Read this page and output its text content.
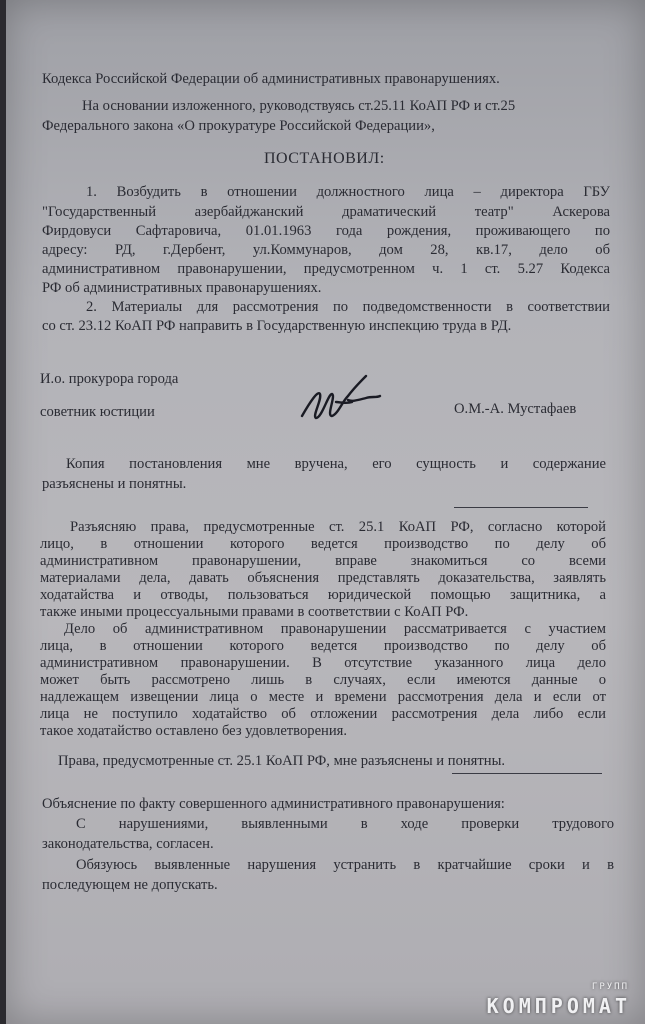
Кодекса Российской Федерации об административных правонарушениях.
На основании изложенного, руководствуясь ст.25.11 КоАП РФ и ст.25
Федерального закона «О прокуратуре Российской Федерации»,
ПОСТАНОВИЛ:
1. Возбудить в отношении должностного лица – директора ГБУ
"Государственный азербайджанский драматический театр" Аскерова
Фирдовуси Сафтаровича, 01.01.1963 года рождения, проживающего по
адресу: РД, г.Дербент, ул.Коммунаров, дом 28, кв.17, дело об
административном правонарушении, предусмотренном ч. 1 ст. 5.27 Кодекса
РФ об административных правонарушениях.
2. Материалы для рассмотрения по подведомственности в соответствии
со ст. 23.12 КоАП РФ направить в Государственную инспекцию труда в РД.
И.о. прокурора города
советник юстиции	О.М.-А. Мустафаев
Копия постановления мне вручена, его сущность и содержание
разъяснены и понятны.
Разъясняю права, предусмотренные ст. 25.1 КоАП РФ, согласно которой
лицо, в отношении которого ведется производство по делу об
административном правонарушении, вправе знакомиться со всеми
материалами дела, давать объяснения представлять доказательства, заявлять
ходатайства и отводы, пользоваться юридической помощью защитника, а
также иными процессуальными правами в соответствии с КоАП РФ.
Дело об административном правонарушении рассматривается с участием
лица, в отношении которого ведется производство по делу об
административном правонарушении. В отсутствие указанного лица дело
может быть рассмотрено лишь в случаях, если имеются данные о
надлежащем извещении лица о месте и времени рассмотрения дела и если от
лица не поступило ходатайство об отложении рассмотрения дела либо если
такое ходатайство оставлено без удовлетворения.
Права, предусмотренные ст. 25.1 КоАП РФ, мне разъяснены и понятны.
Объяснение по факту совершенного административного правонарушения:
С нарушениями, выявленными в ходе проверки трудового
законодательства, согласен.
Обязуюсь выявленные нарушения устранить в кратчайшие сроки и в
последующем не допускать.
ГРУПП
КОМПРОМАТ
